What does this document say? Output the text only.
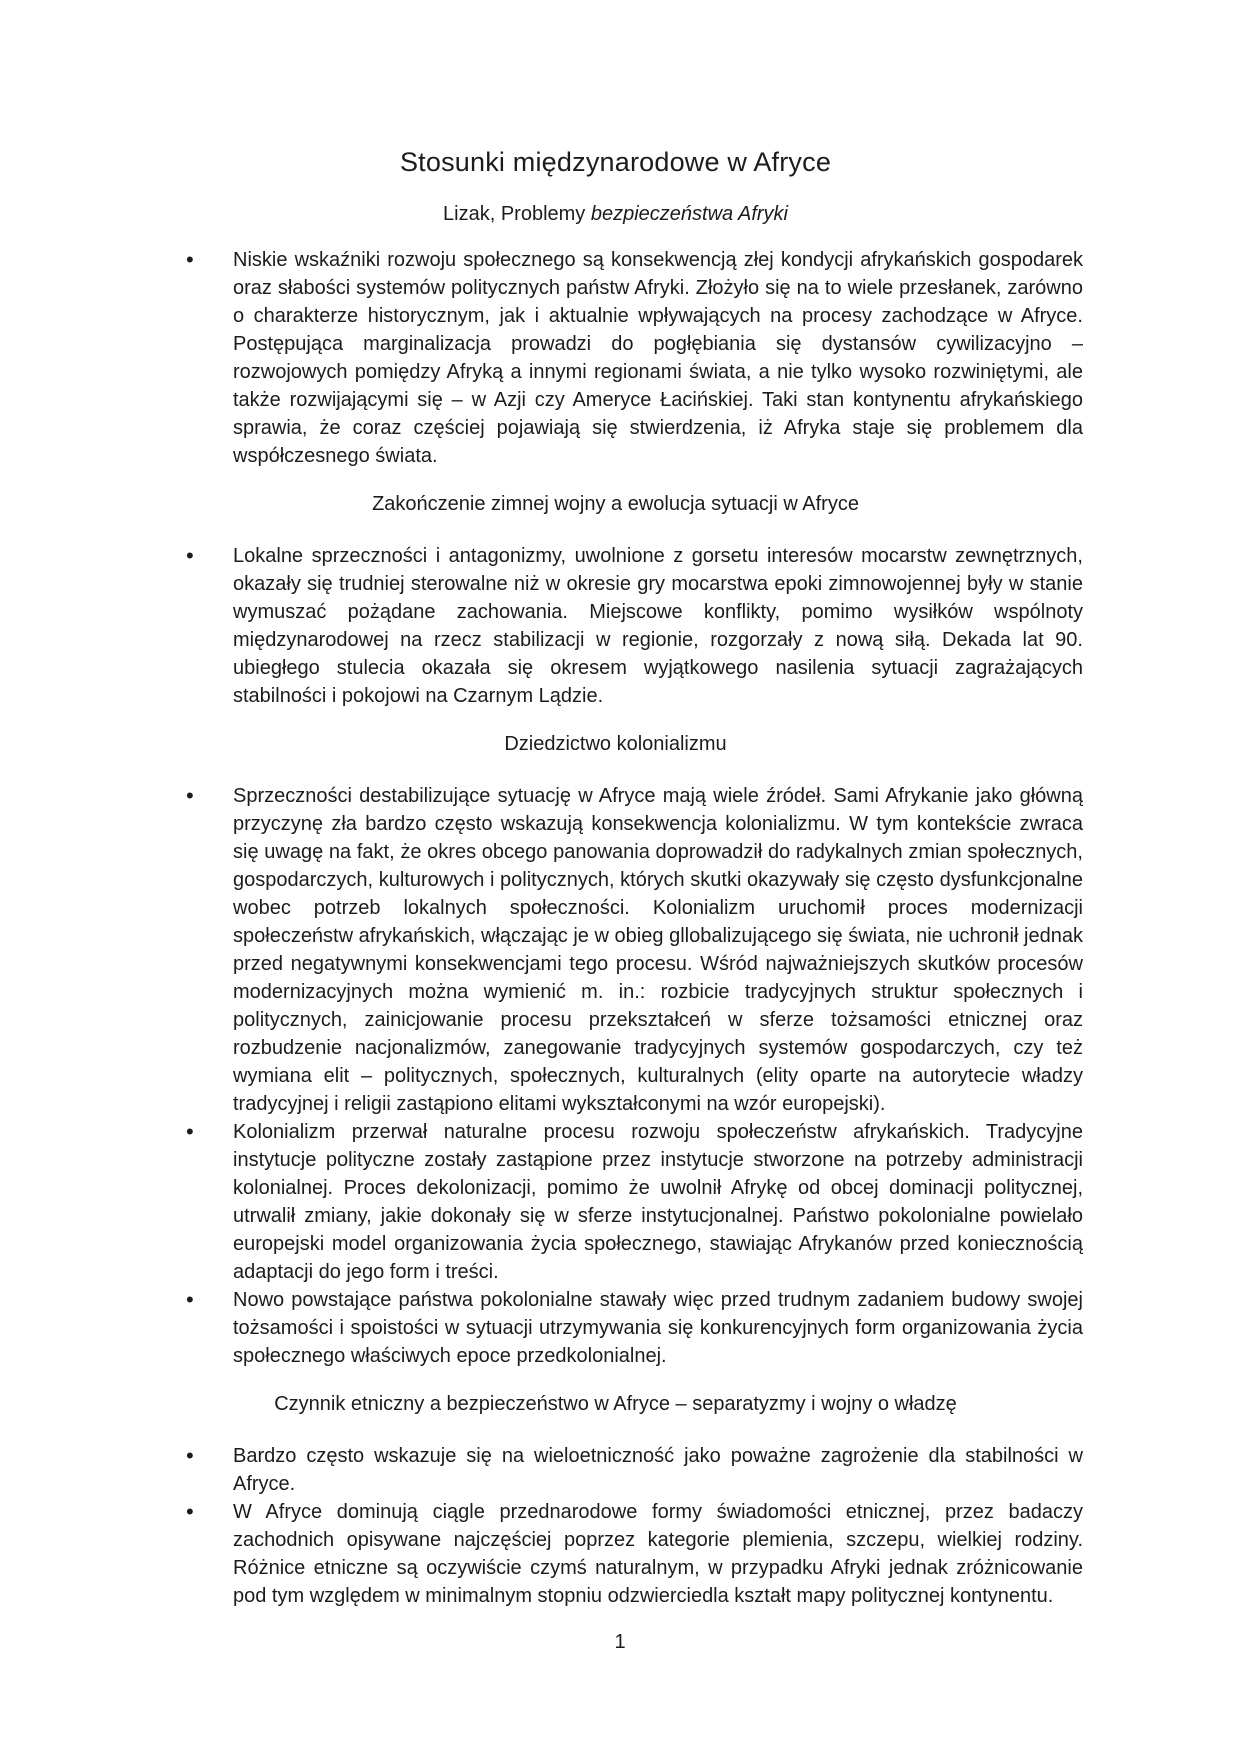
Stosunki międzynarodowe w Afryce

Lizak, Problemy bezpieczeństwa Afryki

• Niskie wskaźniki rozwoju społecznego są konsekwencją złej kondycji afrykańskich gospodarek oraz słabości systemów politycznych państw Afryki. Złożyło się na to wiele przesłanek, zarówno o charakterze historycznym, jak i aktualnie wpływających na procesy zachodzące w Afryce. Postępująca marginalizacja prowadzi do pogłębiania się dystansów cywilizacyjno – rozwojowych pomiędzy Afryką a innymi regionami świata, a nie tylko wysoko rozwiniętymi, ale także rozwijającymi się – w Azji czy Ameryce Łacińskiej. Taki stan kontynentu afrykańskiego sprawia, że coraz częściej pojawiają się stwierdzenia, iż Afryka staje się problemem dla współczesnego świata.
Zakończenie zimnej wojny a ewolucja sytuacji w Afryce
• Lokalne sprzeczności i antagonizmy, uwolnione z gorsetu interesów mocarstw zewnętrznych, okazały się trudniej sterowalne niż w okresie gry mocarstwa epoki zimnowojennej były w stanie wymuszać pożądane zachowania. Miejscowe konflikty, pomimo wysiłków wspólnoty międzynarodowej na rzecz stabilizacji w regionie, rozgorzały z nową siłą. Dekada lat 90. ubiegłego stulecia okazała się okresem wyjątkowego nasilenia sytuacji zagrażających stabilności i pokojowi na Czarnym Lądzie.
Dziedzictwo kolonializmu
• Sprzeczności destabilizujące sytuację w Afryce mają wiele źródeł. Sami Afrykanie jako główną przyczynę zła bardzo często wskazują konsekwencja kolonializmu. W tym kontekście zwraca się uwagę na fakt, że okres obcego panowania doprowadził do radykalnych zmian społecznych, gospodarczych, kulturowych i politycznych, których skutki okazywały się często dysfunkcjonalne wobec potrzeb lokalnych społeczności. Kolonializm uruchomił proces modernizacji społeczeństw afrykańskich, włączając je w obieg gllobalizującego się świata, nie uchronił jednak przed negatywnymi konsekwencjami tego procesu. Wśród najważniejszych skutków procesów modernizacyjnych można wymienić m. in.: rozbicie tradycyjnych struktur społecznych i politycznych, zainicjowanie procesu przekształceń w sferze tożsamości etnicznej oraz rozbudzenie nacjonalizmów, zanegowanie tradycyjnych systemów gospodarczych, czy też wymiana elit – politycznych, społecznych, kulturalnych (elity oparte na autorytecie władzy tradycyjnej i religii zastąpiono elitami wykształconymi na wzór europejski).
• Kolonializm przerwał naturalne procesu rozwoju społeczeństw afrykańskich. Tradycyjne instytucje polityczne zostały zastąpione przez instytucje stworzone na potrzeby administracji kolonialnej. Proces dekolonizacji, pomimo że uwolnił Afrykę od obcej dominacji politycznej, utrwalił zmiany, jakie dokonały się w sferze instytucjonalnej. Państwo pokolonialne powielało europejski model organizowania życia społecznego, stawiając Afrykanów przed koniecznością adaptacji do jego form i treści.
• Nowo powstające państwa pokolonialne stawały więc przed trudnym zadaniem budowy swojej tożsamości i spoistości w sytuacji utrzymywania się konkurencyjnych form organizowania życia społecznego właściwych epoce przedkolonialnej.
Czynnik etniczny a bezpieczeństwo w Afryce – separatyzmy i wojny o władzę
• Bardzo często wskazuje się na wieloetniczność jako poważne zagrożenie dla stabilności w Afryce.
• W Afryce dominują ciągle przednarodowe formy świadomości etnicznej, przez badaczy zachodnich opisywane najczęściej poprzez kategorie plemienia, szczepu, wielkiej rodziny. Różnice etniczne są oczywiście czymś naturalnym, w przypadku Afryki jednak zróżnicowanie pod tym względem w minimalnym stopniu odzwierciedla kształt mapy politycznej kontynentu.
1
